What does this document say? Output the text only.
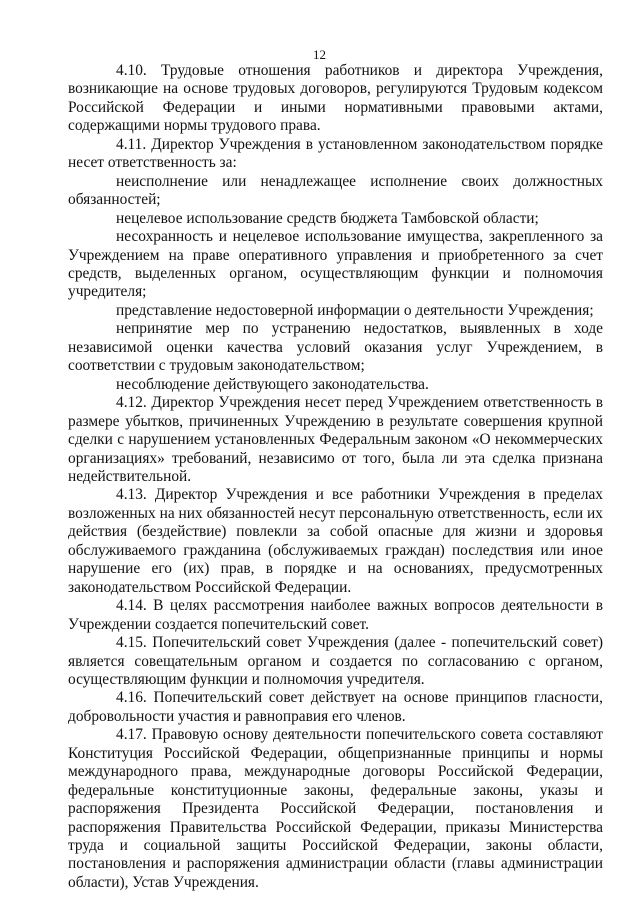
12

4.10. Трудовые отношения работников и директора Учреждения, возникающие на основе трудовых договоров, регулируются Трудовым кодексом Российской Федерации и иными нормативными правовыми актами, содержащими нормы трудового права.

4.11. Директор Учреждения в установленном законодательством порядке несет ответственность за:

неисполнение или ненадлежащее исполнение своих должностных обязанностей;

нецелевое использование средств бюджета Тамбовской области;

несохранность и нецелевое использование имущества, закрепленного за Учреждением на праве оперативного управления и приобретенного за счет средств, выделенных органом, осуществляющим функции и полномочия учредителя;

представление недостоверной информации о деятельности Учреждения;

непринятие мер по устранению недостатков, выявленных в ходе независимой оценки качества условий оказания услуг Учреждением, в соответствии с трудовым законодательством;

несоблюдение действующего законодательства.

4.12. Директор Учреждения несет перед Учреждением ответственность в размере убытков, причиненных Учреждению в результате совершения крупной сделки с нарушением установленных Федеральным законом «О некоммерческих организациях» требований, независимо от того, была ли эта сделка признана недействительной.

4.13. Директор Учреждения и все работники Учреждения в пределах возложенных на них обязанностей несут персональную ответственность, если их действия (бездействие) повлекли за собой опасные для жизни и здоровья обслуживаемого гражданина (обслуживаемых граждан) последствия или иное нарушение его (их) прав, в порядке и на основаниях, предусмотренных законодательством Российской Федерации.

4.14. В целях рассмотрения наиболее важных вопросов деятельности в Учреждении создается попечительский совет.

4.15. Попечительский совет Учреждения (далее - попечительский совет) является совещательным органом и создается по согласованию с органом, осуществляющим функции и полномочия учредителя.

4.16. Попечительский совет действует на основе принципов гласности, добровольности участия и равноправия его членов.

4.17. Правовую основу деятельности попечительского совета составляют Конституция Российской Федерации, общепризнанные принципы и нормы международного права, международные договоры Российской Федерации, федеральные конституционные законы, федеральные законы, указы и распоряжения Президента Российской Федерации, постановления и распоряжения Правительства Российской Федерации, приказы Министерства труда и социальной защиты Российской Федерации, законы области, постановления и распоряжения администрации области (главы администрации области), Устав Учреждения.
